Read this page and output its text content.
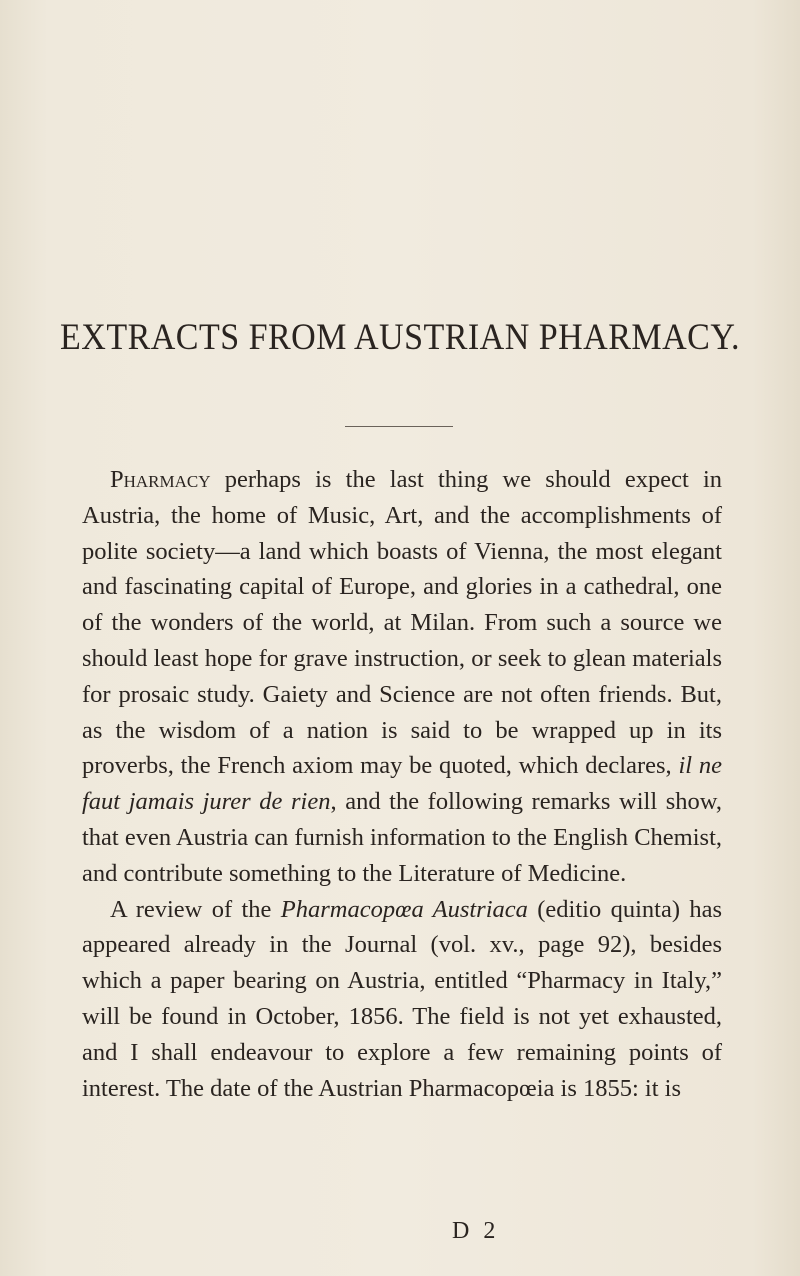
EXTRACTS FROM AUSTRIAN PHARMACY.

Pharmacy perhaps is the last thing we should expect in Austria, the home of Music, Art, and the accomplishments of polite society—a land which boasts of Vienna, the most elegant and fascinating capital of Europe, and glories in a cathedral, one of the wonders of the world, at Milan. From such a source we should least hope for grave instruction, or seek to glean materials for prosaic study. Gaiety and Science are not often friends. But, as the wisdom of a nation is said to be wrapped up in its proverbs, the French axiom may be quoted, which declares, il ne faut jamais jurer de rien, and the following remarks will show, that even Austria can furnish information to the English Chemist, and contribute something to the Literature of Medicine.

A review of the Pharmacopœa Austriaca (editio quinta) has appeared already in the Journal (vol. xv., page 92), besides which a paper bearing on Austria, entitled “Pharmacy in Italy,” will be found in October, 1856. The field is not yet exhausted, and I shall endeavour to explore a few remaining points of interest. The date of the Austrian Pharmacopœia is 1855: it is

D 2
